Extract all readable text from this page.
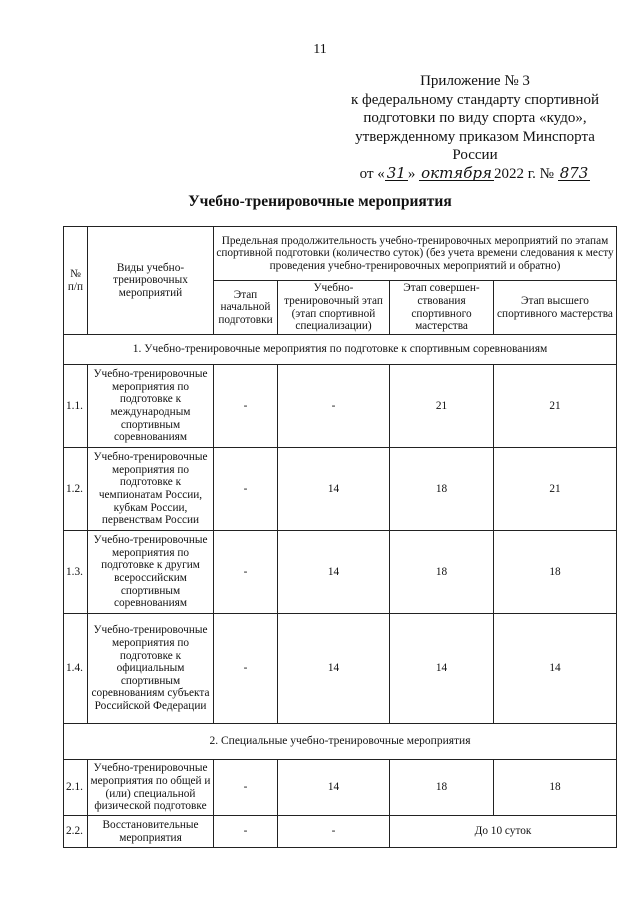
11
Приложение № 3
к федеральному стандарту спортивной
подготовки по виду спорта «кудо»,
утвержденному приказом Минспорта
России
от « 31 » октября 2022 г. № 873
Учебно-тренировочные мероприятия
№ п/п	Виды учебно-тренировочных мероприятий	Предельная продолжительность учебно-тренировочных мероприятий по этапам спортивной подготовки (количество суток) (без учета времени следования к месту проведения учебно-тренировочных мероприятий и обратно)			
		Этап начальной подготовки	Учебно-тренировочный этап (этап спортивной специализации)	Этап совершен-ствования спортивного мастерства	Этап высшего спортивного мастерства
1. Учебно-тренировочные мероприятия по подготовке к спортивным соревнованиям					
1.1.	Учебно-тренировочные мероприятия по подготовке к международным спортивным соревнованиям	-	-	21	21
1.2.	Учебно-тренировочные мероприятия по подготовке к чемпионатам России, кубкам России, первенствам России	-	14	18	21
1.3.	Учебно-тренировочные мероприятия по подготовке к другим всероссийским спортивным соревнованиям	-	14	18	18
1.4.	Учебно-тренировочные мероприятия по подготовке к официальным спортивным соревнованиям субъекта Российской Федерации	-	14	14	14
2. Специальные учебно-тренировочные мероприятия					
2.1.	Учебно-тренировочные мероприятия по общей и (или) специальной физической подготовке	-	14	18	18
2.2.	Восстановительные мероприятия	-	-	До 10 суток	
